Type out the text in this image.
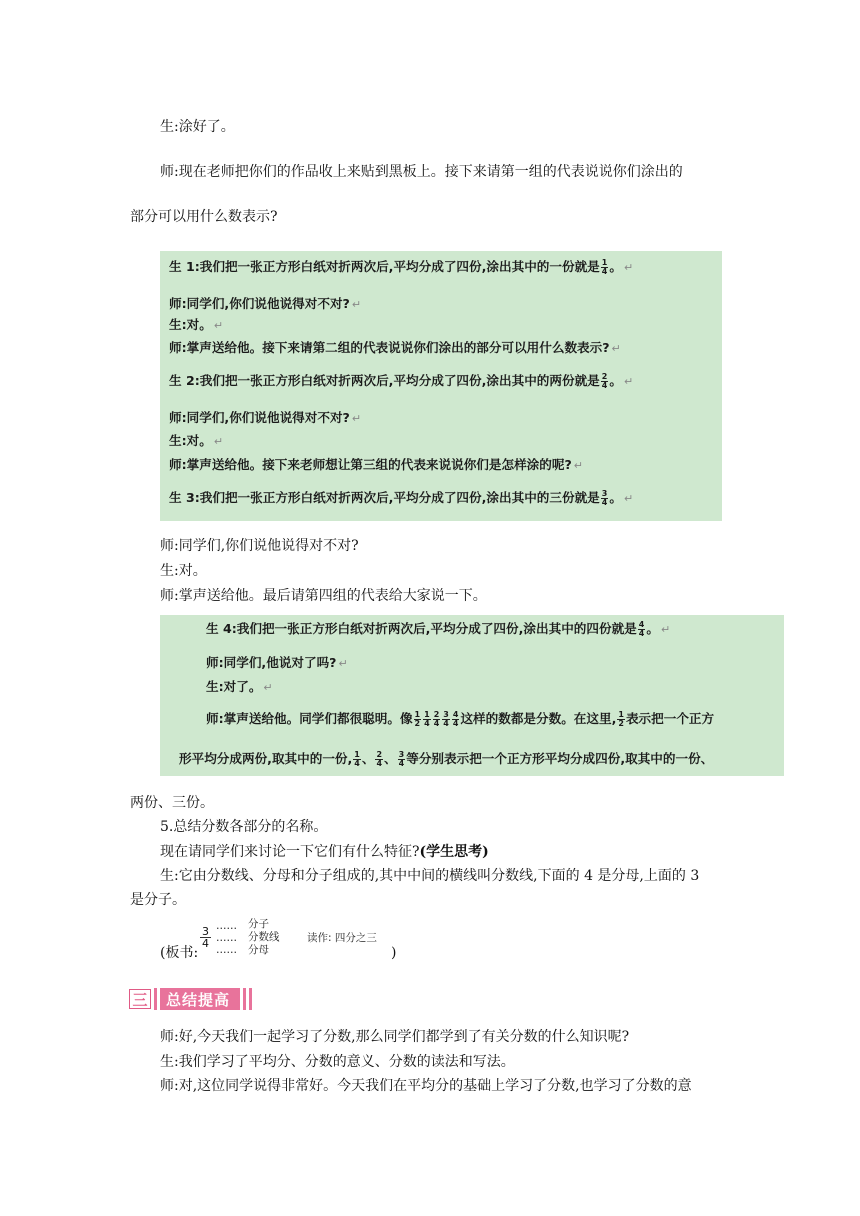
生:涂好了。
师:现在老师把你们的作品收上来贴到黑板上。接下来请第一组的代表说说你们涂出的
部分可以用什么数表示?
生 1:我们把一张正方形白纸对折两次后,平均分成了四份,涂出其中的一份就是 $\frac{1}{4}$ 。 ↵
师:同学们,你们说他说得对不对? ↵
生:对。 ↵
师:掌声送给他。接下来请第二组的代表说说你们涂出的部分可以用什么数表示? ↵
生 2:我们把一张正方形白纸对折两次后,平均分成了四份,涂出其中的两份就是 $\frac{2}{4}$ 。 ↵
师:同学们,你们说他说得对不对? ↵
生:对。 ↵
师:掌声送给他。接下来老师想让第三组的代表来说说你们是怎样涂的呢? ↵
生 3:我们把一张正方形白纸对折两次后,平均分成了四份,涂出其中的三份就是 $\frac{3}{4}$ 。 ↵
师:同学们,你们说他说得对不对?
生:对。
师:掌声送给他。最后请第四组的代表给大家说一下。
生 4:我们把一张正方形白纸对折两次后,平均分成了四份,涂出其中的四份就是 $\frac{4}{4}$ 。 ↵
师:同学们,他说对了吗? ↵
生:对了。 ↵
师:掌声送给他。同学们都很聪明。像 $\frac{1}{2} \frac{1}{4} \frac{2}{4} \frac{3}{4} \frac{4}{4}$ 这样的数都是分数。在这里, $\frac{1}{2}$ 表示把一个正方
形平均分成两份,取其中的一份, $\frac{1}{4}$ 、 $\frac{2}{4}$ 、 $\frac{3}{4}$ 等分别表示把一个正方形平均分成四份,取其中的一份、
两份、三份。
5.总结分数各部分的名称。
现在请同学们来讨论一下它们有什么特征?(学生思考)
生:它由分数线、分母和分子组成的,其中中间的横线叫分数线,下面的 4 是分母,上面的 3
是分子。
(板书:
$\frac{3}{4}$ ……
……
……
分子
分数线
分母
读作: 四分之三
)
三	总结提高
师:好,今天我们一起学习了分数,那么同学们都学到了有关分数的什么知识呢?
生:我们学习了平均分、分数的意义、分数的读法和写法。
师:对,这位同学说得非常好。今天我们在平均分的基础上学习了分数,也学习了分数的意
